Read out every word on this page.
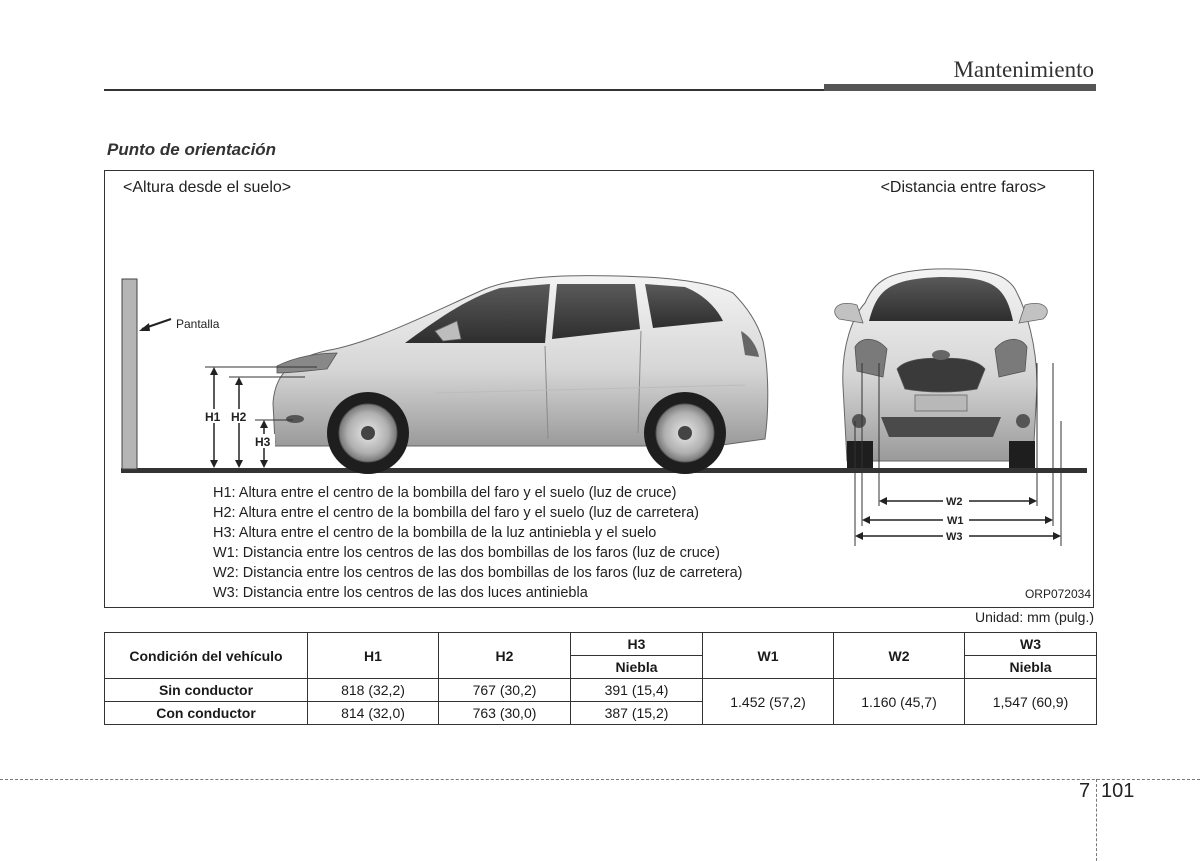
Mantenimiento
Punto de orientación
<Altura desde el suelo>	<Distancia entre faros>
Pantalla
H1 H2
H3
W2
W1
W3
H1: Altura entre el centro de la bombilla del faro y el suelo (luz de cruce)
H2: Altura entre el centro de la bombilla del faro y el suelo (luz de carretera)
H3: Altura entre el centro de la bombilla de la luz antiniebla y el suelo
W1: Distancia entre los centros de las dos bombillas de los faros (luz de cruce)
W2: Distancia entre los centros de las dos bombillas de los faros (luz de carretera)
W3: Distancia entre los centros de las dos luces antiniebla	ORP072034
Unidad: mm (pulg.)
Condición del vehículo	H1	H2	H3	W1	W2	W3
			Niebla			Niebla
Sin conductor	818 (32,2)	767 (30,2)	391 (15,4)	1.452 (57,2)	1.160 (45,7)	1,547 (60,9)
Con conductor	814 (32,0)	763 (30,0)	387 (15,2)			
7 101
